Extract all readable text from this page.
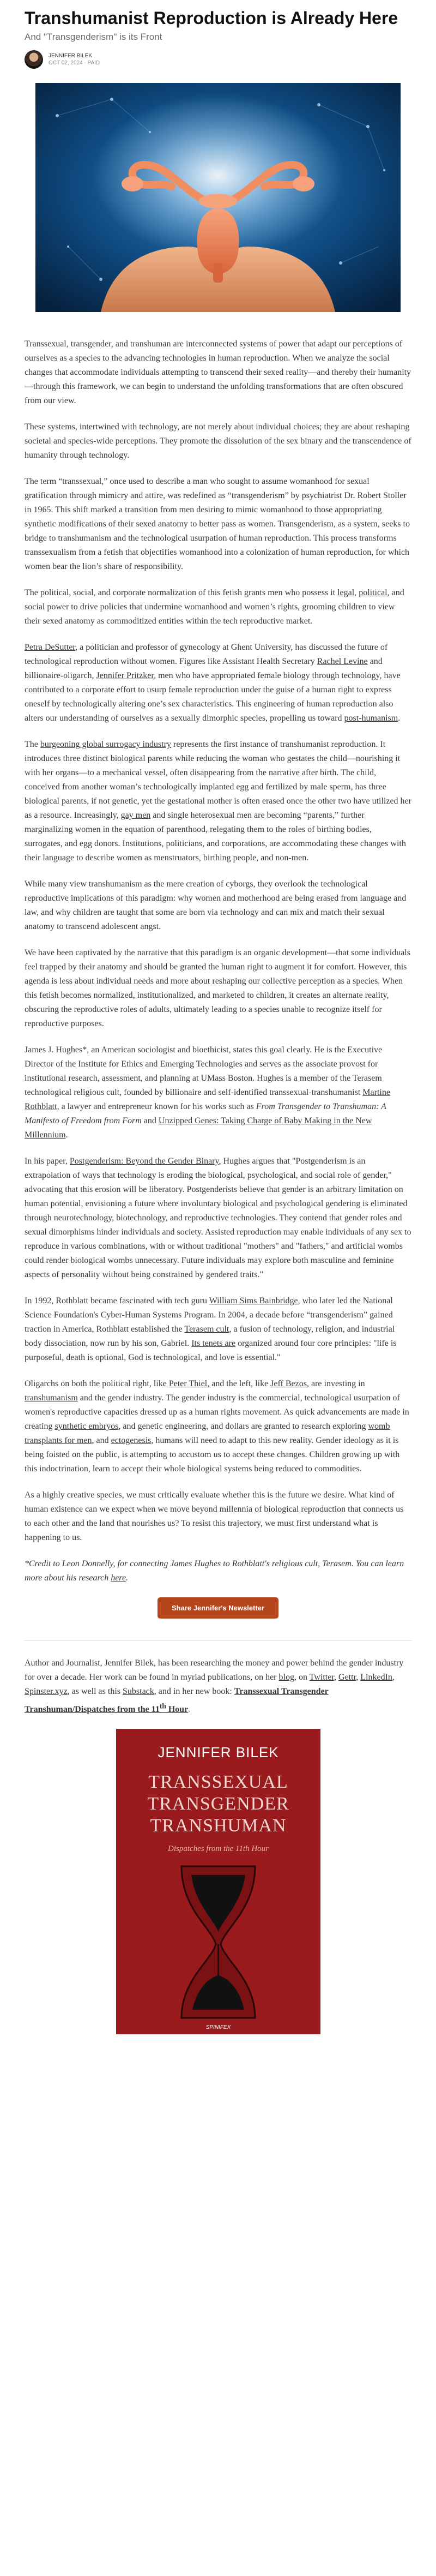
Transhumanist Reproduction is Already Here
And "Transgenderism" is its Front
JENNIFER BILEK
OCT 02, 2024 · PAID

Transsexual, transgender, and transhuman are interconnected systems of power that adapt our perceptions of ourselves as a species to the advancing technologies in human reproduction. When we analyze the social changes that accommodate individuals attempting to transcend their sexed reality—and thereby their humanity—through this framework, we can begin to understand the unfolding transformations that are often obscured from our view.

These systems, intertwined with technology, are not merely about individual choices; they are about reshaping societal and species-wide perceptions. They promote the dissolution of the sex binary and the transcendence of humanity through technology.

The term “transsexual,” once used to describe a man who sought to assume womanhood for sexual gratification through mimicry and attire, was redefined as “transgenderism” by psychiatrist Dr. Robert Stoller in 1965. This shift marked a transition from men desiring to mimic womanhood to those appropriating synthetic modifications of their sexed anatomy to better pass as women. Transgenderism, as a system, seeks to bridge to transhumanism and the technological usurpation of human reproduction. This process transforms transsexualism from a fetish that objectifies womanhood into a colonization of human reproduction, for which women bear the lion’s share of responsibility.

The political, social, and corporate normalization of this fetish grants men who possess it legal, political, and social power to drive policies that undermine womanhood and women’s rights, grooming children to view their sexed anatomy as commoditized entities within the tech reproductive market.

Petra DeSutter, a politician and professor of gynecology at Ghent University, has discussed the future of technological reproduction without women. Figures like Assistant Health Secretary Rachel Levine and billionaire-oligarch, Jennifer Pritzker, men who have appropriated female biology through technology, have contributed to a corporate effort to usurp female reproduction under the guise of a human right to express oneself by technologically altering one’s sex characteristics. This engineering of human reproduction also alters our understanding of ourselves as a sexually dimorphic species, propelling us toward post-humanism.

The burgeoning global surrogacy industry represents the first instance of transhumanist reproduction. It introduces three distinct biological parents while reducing the woman who gestates the child—nourishing it with her organs—to a mechanical vessel, often disappearing from the narrative after birth. The child, conceived from another woman’s technologically implanted egg and fertilized by male sperm, has three biological parents, if not genetic, yet the gestational mother is often erased once the other two have utilized her as a resource. Increasingly, gay men and single heterosexual men are becoming “parents,” further marginalizing women in the equation of parenthood, relegating them to the roles of birthing bodies, surrogates, and egg donors. Institutions, politicians, and corporations, are accommodating these changes with their language to describe women as menstruators, birthing people, and non-men.

While many view transhumanism as the mere creation of cyborgs, they overlook the technological reproductive implications of this paradigm: why women and motherhood are being erased from language and law, and why children are taught that some are born via technology and can mix and match their sexual anatomy to transcend adolescent angst.

We have been captivated by the narrative that this paradigm is an organic development—that some individuals feel trapped by their anatomy and should be granted the human right to augment it for comfort. However, this agenda is less about individual needs and more about reshaping our collective perception as a species. When this fetish becomes normalized, institutionalized, and marketed to children, it creates an alternate reality, obscuring the reproductive roles of adults, ultimately leading to a species unable to recognize itself for reproductive purposes.

James J. Hughes*, an American sociologist and bioethicist, states this goal clearly. He is the Executive Director of the Institute for Ethics and Emerging Technologies and serves as the associate provost for institutional research, assessment, and planning at UMass Boston. Hughes is a member of the Terasem technological religious cult, founded by billionaire and self-identified transsexual-transhumanist Martine Rothblatt, a lawyer and entrepreneur known for his works such as From Transgender to Transhuman: A Manifesto of Freedom from Form and Unzipped Genes: Taking Charge of Baby Making in the New Millennium.

In his paper, Postgenderism: Beyond the Gender Binary, Hughes argues that "Postgenderism is an extrapolation of ways that technology is eroding the biological, psychological, and social role of gender," advocating that this erosion will be liberatory. Postgenderists believe that gender is an arbitrary limitation on human potential, envisioning a future where involuntary biological and psychological gendering is eliminated through neurotechnology, biotechnology, and reproductive technologies. They contend that gender roles and sexual dimorphisms hinder individuals and society. Assisted reproduction may enable individuals of any sex to reproduce in various combinations, with or without traditional "mothers" and "fathers," and artificial wombs could render biological wombs unnecessary. Future individuals may explore both masculine and feminine aspects of personality without being constrained by gendered traits."

In 1992, Rothblatt became fascinated with tech guru William Sims Bainbridge, who later led the National Science Foundation's Cyber-Human Systems Program. In 2004, a decade before “transgenderism” gained traction in America, Rothblatt established the Terasem cult, a fusion of technology, religion, and industrial body dissociation, now run by his son, Gabriel. Its tenets are organized around four core principles: "life is purposeful, death is optional, God is technological, and love is essential."

Oligarchs on both the political right, like Peter Thiel, and the left, like Jeff Bezos, are investing in transhumanism and the gender industry. The gender industry is the commercial, technological usurpation of women's reproductive capacities dressed up as a human rights movement. As quick advancements are made in creating synthetic embryos, and genetic engineering, and dollars are granted to research exploring womb transplants for men, and ectogenesis, humans will need to adapt to this new reality. Gender ideology as it is being foisted on the public, is attempting to accustom us to accept these changes. Children growing up with this indoctrination, learn to accept their whole biological systems being reduced to commodities.

As a highly creative species, we must critically evaluate whether this is the future we desire. What kind of human existence can we expect when we move beyond millennia of biological reproduction that connects us to each other and the land that nourishes us? To resist this trajectory, we must first understand what is happening to us.

*Credit to Leon Donnelly, for connecting James Hughes to Rothblatt's religious cult, Terasem. You can learn more about his research here.

Share Jennifer's Newsletter

Author and Journalist, Jennifer Bilek, has been researching the money and power behind the gender industry for over a decade. Her work can be found in myriad publications, on her blog, on Twitter, Gettr, LinkedIn, Spinster.xyz, as well as this Substack, and in her new book: Transsexual Transgender Transhuman/Dispatches from the 11th Hour.

JENNIFER BILEK
TRANSSEXUAL
TRANSGENDER
TRANSHUMAN
Dispatches from the 11th Hour
SPINIFEX
